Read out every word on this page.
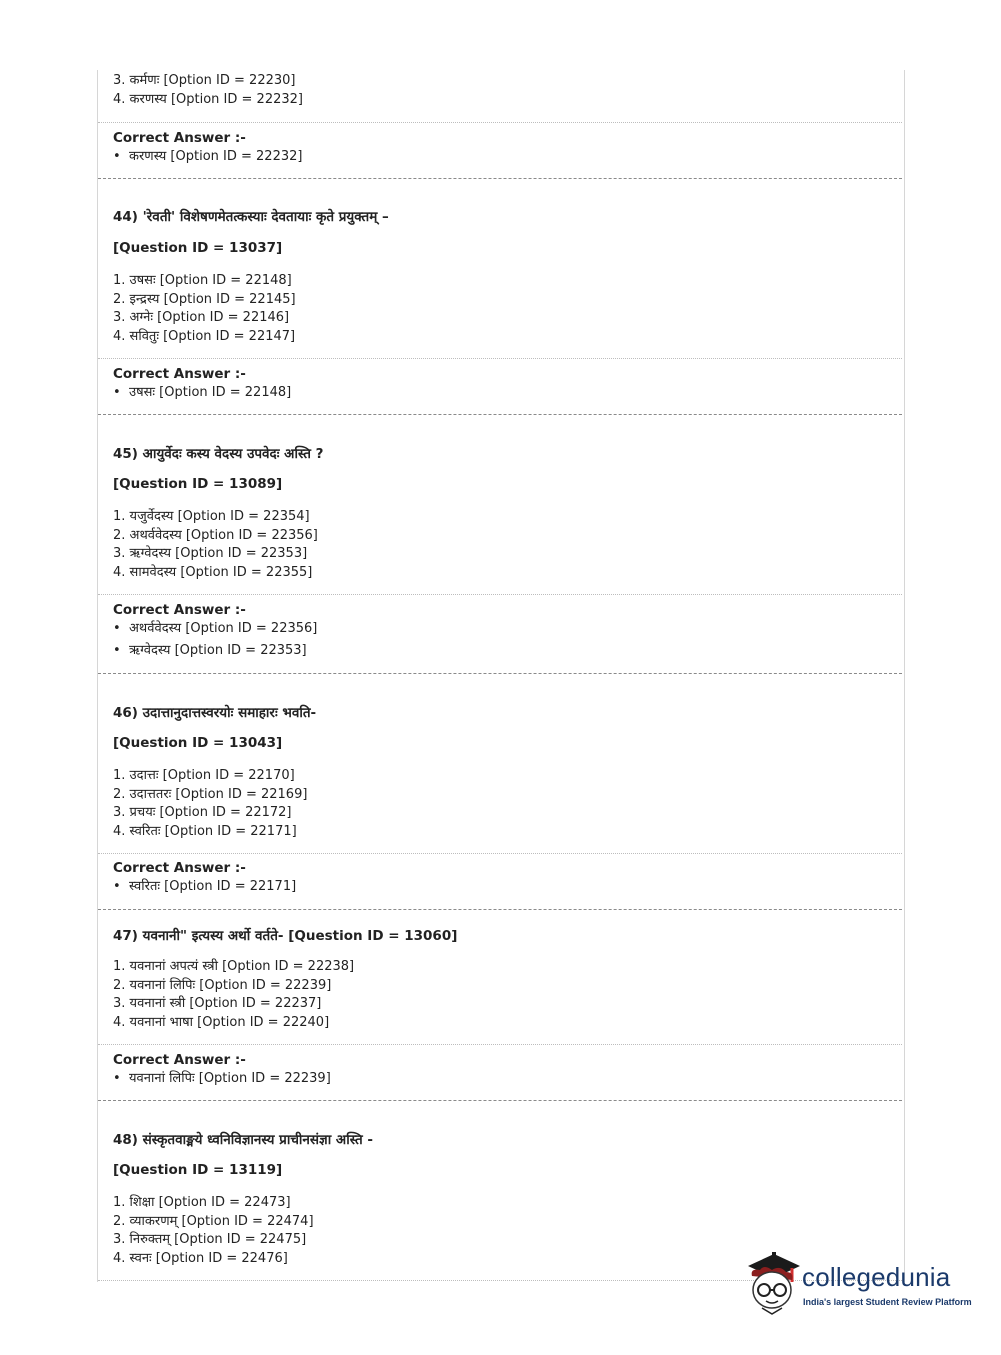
3. कर्मणः [Option ID = 22230]
4. करणस्य [Option ID = 22232]
Correct Answer :-
• करणस्य [Option ID = 22232]
44) 'रेवती' विशेषणमेतत्कस्याः देवतायाः कृते प्रयुक्तम् –
[Question ID = 13037]
1. उषसः [Option ID = 22148]
2. इन्द्रस्य [Option ID = 22145]
3. अग्नेः [Option ID = 22146]
4. सवितुः [Option ID = 22147]
Correct Answer :-
• उषसः [Option ID = 22148]
45) आयुर्वेदः कस्य वेदस्य उपवेदः अस्ति ?
[Question ID = 13089]
1. यजुर्वेदस्य [Option ID = 22354]
2. अथर्ववेदस्य [Option ID = 22356]
3. ऋग्वेदस्य [Option ID = 22353]
4. सामवेदस्य [Option ID = 22355]
Correct Answer :-
• अथर्ववेदस्य [Option ID = 22356]
• ऋग्वेदस्य [Option ID = 22353]
46) उदात्तानुदात्तस्वरयोः समाहारः भवति-
[Question ID = 13043]
1. उदात्तः [Option ID = 22170]
2. उदात्ततरः [Option ID = 22169]
3. प्रचयः [Option ID = 22172]
4. स्वरितः [Option ID = 22171]
Correct Answer :-
• स्वरितः [Option ID = 22171]
47) यवनानी" इत्यस्य अर्थो वर्तते- [Question ID = 13060]
1. यवनानां अपत्यं स्त्री [Option ID = 22238]
2. यवनानां लिपिः [Option ID = 22239]
3. यवनानां स्त्री [Option ID = 22237]
4. यवनानां भाषा [Option ID = 22240]
Correct Answer :-
• यवनानां लिपिः [Option ID = 22239]
48) संस्कृतवाङ्मये ध्वनिविज्ञानस्य प्राचीनसंज्ञा अस्ति -
[Question ID = 13119]
1. शिक्षा [Option ID = 22473]
2. व्याकरणम् [Option ID = 22474]
3. निरुक्तम् [Option ID = 22475]
4. स्वनः [Option ID = 22476]
collegedunia
India's largest Student Review Platform
